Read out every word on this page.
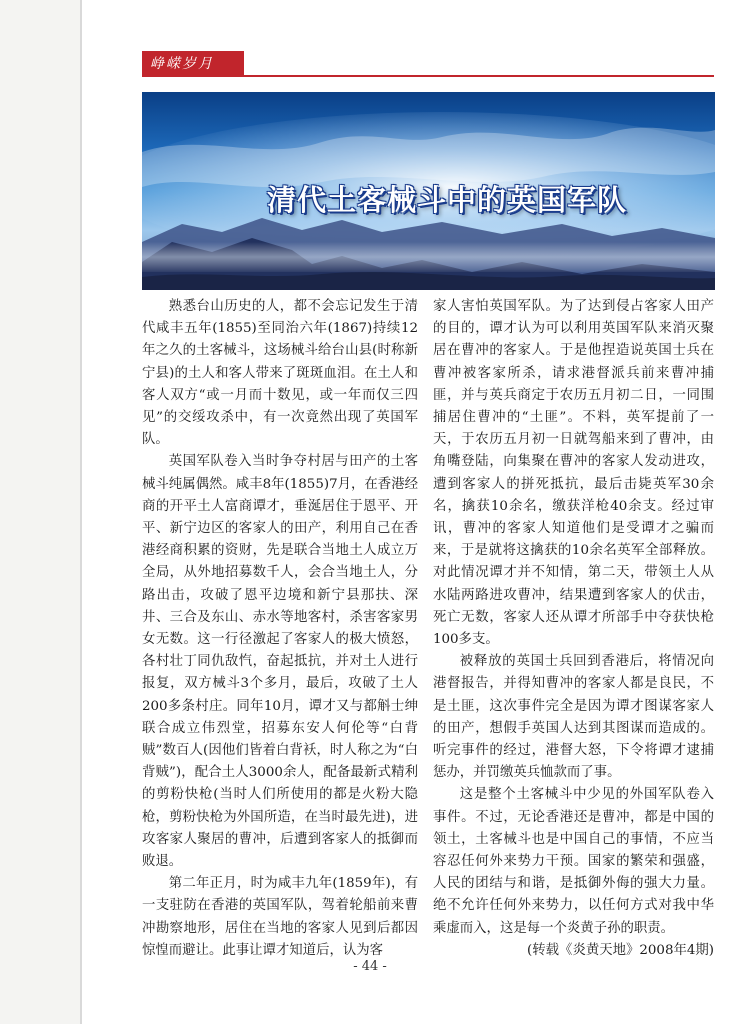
峥嵘岁月
清代土客械斗中的英国军队

熟悉台山历史的人，都不会忘记发生于清代咸丰五年(1855)至同治六年(1867)持续12年之久的土客械斗，这场械斗给台山县(时称新宁县)的土人和客人带来了斑斑血泪。在土人和客人双方“或一月而十数见，或一年而仅三四见”的交绥攻杀中，有一次竟然出现了英国军队。

英国军队卷入当时争夺村居与田产的土客械斗纯属偶然。咸丰8年(1855)7月，在香港经商的开平土人富商谭才，垂涎居住于恩平、开平、新宁边区的客家人的田产，利用自己在香港经商积累的资财，先是联合当地土人成立万全局，从外地招募数千人，会合当地土人，分路出击，攻破了恩平边境和新宁县那扶、深井、三合及东山、赤水等地客村，杀害客家男女无数。这一行径激起了客家人的极大愤怒，各村壮丁同仇敌忾，奋起抵抗，并对土人进行报复，双方械斗3个多月，最后，攻破了土人200多条村庄。同年10月，谭才又与都斛士绅联合成立伟烈堂，招募东安人何伦等“白背贼”数百人(因他们皆着白背袄，时人称之为“白背贼”)，配合土人3000余人，配备最新式精利的剪粉快枪(当时人们所使用的都是火粉大隐枪，剪粉快枪为外国所造，在当时最先进)，进攻客家人聚居的曹冲，后遭到客家人的抵御而败退。

第二年正月，时为咸丰九年(1859年)，有一支驻防在香港的英国军队，驾着轮船前来曹冲勘察地形，居住在当地的客家人见到后都因惊惶而避让。此事让谭才知道后，认为客

家人害怕英国军队。为了达到侵占客家人田产的目的，谭才认为可以利用英国军队来消灭聚居在曹冲的客家人。于是他捏造说英国士兵在曹冲被客家所杀，请求港督派兵前来曹冲捕匪，并与英兵商定于农历五月初二日，一同围捕居住曹冲的“土匪”。不料，英军提前了一天，于农历五月初一日就驾船来到了曹冲，由角嘴登陆，向集聚在曹冲的客家人发动进攻，遭到客家人的拼死抵抗，最后击毙英军30余名，擒获10余名，缴获洋枪40余支。经过审讯，曹冲的客家人知道他们是受谭才之骗而来，于是就将这擒获的10余名英军全部释放。对此情况谭才并不知情，第二天，带领土人从水陆两路进攻曹冲，结果遭到客家人的伏击，死亡无数，客家人还从谭才所部手中夺获快枪100多支。

被释放的英国士兵回到香港后，将情况向港督报告，并得知曹冲的客家人都是良民，不是土匪，这次事件完全是因为谭才图谋客家人的田产，想假手英国人达到其图谋而造成的。听完事件的经过，港督大怒，下令将谭才逮捕惩办，并罚缴英兵恤款而了事。

这是整个土客械斗中少见的外国军队卷入事件。不过，无论香港还是曹冲，都是中国的领土，土客械斗也是中国自己的事情，不应当容忍任何外来势力干预。国家的繁荣和强盛，人民的团结与和谐，是抵御外侮的强大力量。绝不允许任何外来势力，以任何方式对我中华乘虚而入，这是每一个炎黄子孙的职责。

(转载《炎黄天地》2008年4期)

- 44 -
